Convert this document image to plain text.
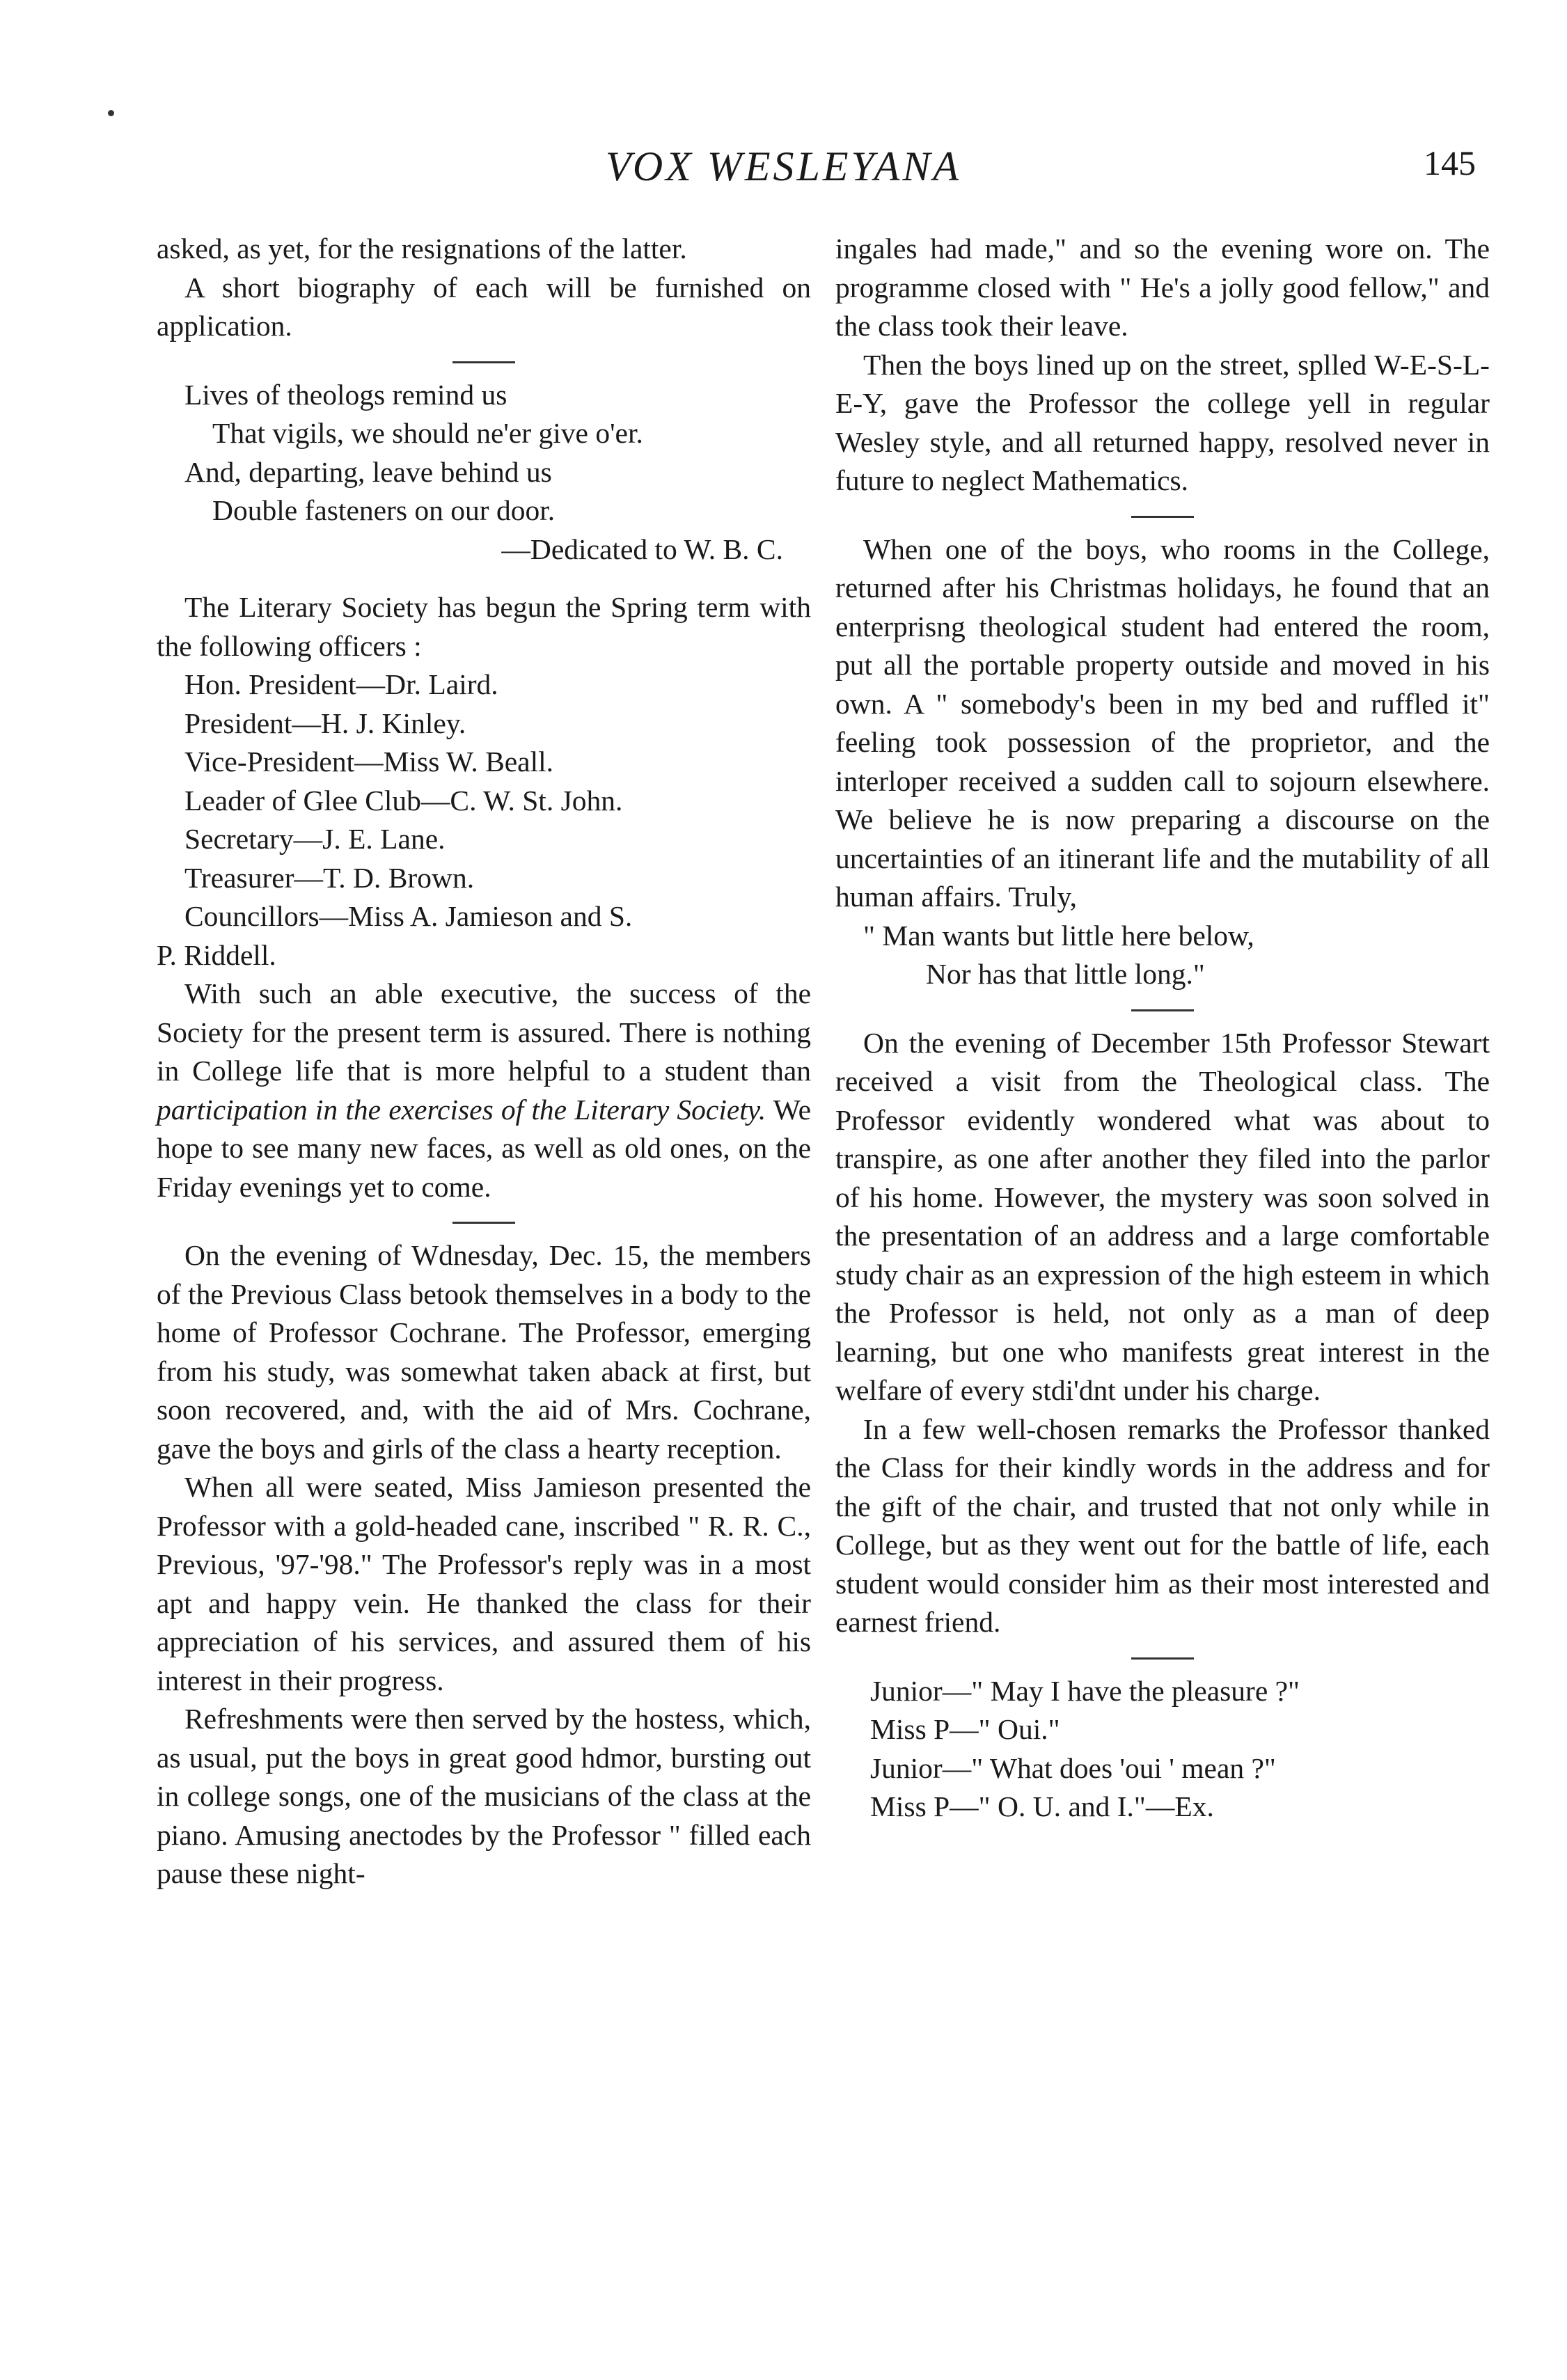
VOX WESLEYANA	145

asked, as yet, for the resignations of the latter.

A short biography of each will be furnished on application.

Lives of theologs remind us
That vigils, we should ne'er give o'er.
And, departing, leave behind us
Double fasteners on our door.
—Dedicated to W. B. C.

The Literary Society has begun the Spring term with the following officers :

Hon. President—Dr. Laird.
President—H. J. Kinley.
Vice-President—Miss W. Beall.
Leader of Glee Club—C. W. St. John.
Secretary—J. E. Lane.
Treasurer—T. D. Brown.
Councillors—Miss A. Jamieson and S.
P. Riddell.

With such an able executive, the success of the Society for the present term is assured. There is nothing in College life that is more helpful to a student than participation in the exercises of the Literary Society. We hope to see many new faces, as well as old ones, on the Friday evenings yet to come.

On the evening of Wdnesday, Dec. 15, the members of the Previous Class betook themselves in a body to the home of Professor Cochrane. The Professor, emerging from his study, was somewhat taken aback at first, but soon recovered, and, with the aid of Mrs. Cochrane, gave the boys and girls of the class a hearty reception.

When all were seated, Miss Jamieson presented the Professor with a gold-headed cane, inscribed " R. R. C., Previous, '97-'98." The Professor's reply was in a most apt and happy vein. He thanked the class for their appreciation of his services, and assured them of his interest in their progress.

Refreshments were then served by the hostess, which, as usual, put the boys in great good hdmor, bursting out in college songs, one of the musicians of the class at the piano. Amusing anectodes by the Professor " filled each pause these night-

ingales had made," and so the evening wore on. The programme closed with " He's a jolly good fellow," and the class took their leave.

Then the boys lined up on the street, splled W-E-S-L-E-Y, gave the Professor the college yell in regular Wesley style, and all returned happy, resolved never in future to neglect Mathematics.

When one of the boys, who rooms in the College, returned after his Christmas holidays, he found that an enterprisng theological student had entered the room, put all the portable property outside and moved in his own. A " somebody's been in my bed and ruffled it" feeling took possession of the proprietor, and the interloper received a sudden call to sojourn elsewhere. We believe he is now preparing a discourse on the uncertainties of an itinerant life and the mutability of all human affairs. Truly,

" Man wants but little here below,
Nor has that little long."

On the evening of December 15th Professor Stewart received a visit from the Theological class. The Professor evidently wondered what was about to transpire, as one after another they filed into the parlor of his home. However, the mystery was soon solved in the presentation of an address and a large comfortable study chair as an expression of the high esteem in which the Professor is held, not only as a man of deep learning, but one who manifests great interest in the welfare of every stdi'dnt under his charge.

In a few well-chosen remarks the Professor thanked the Class for their kindly words in the address and for the gift of the chair, and trusted that not only while in College, but as they went out for the battle of life, each student would consider him as their most interested and earnest friend.

Junior—" May I have the pleasure ?"
Miss P—" Oui."
Junior—" What does 'oui ' mean ?"
Miss P—" O. U. and I."—Ex.
